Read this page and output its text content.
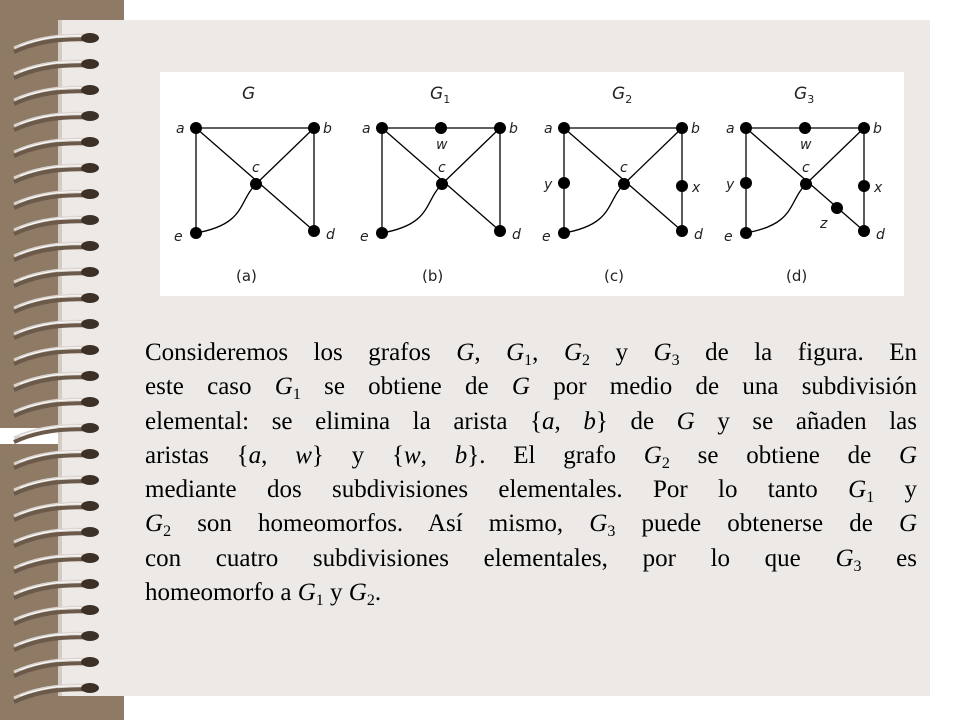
G
a	b
c
d
e
(a)
$G_1$
a
w
b
c
d
e
(b)
$G_2$
a	b
y	x
c
d
e
(c)
$G_3$
a
w
b
y	x
c
z
d
e
(d)
Consideremos los grafos G, $G_1$, $G_2$ y $G_3$ de la figura. En
este caso $G_1$ se obtiene de G por medio de una subdivisión
elemental: se elimina la arista {a, b} de G y se añaden las
aristas {a, w} y {w, b}. El grafo $G_2$ se obtiene de G
mediante dos subdivisiones elementales. Por lo tanto $G_1$ y
$G_2$ son homeomorfos. Así mismo, $G_3$ puede obtenerse de G
con cuatro subdivisiones elementales, por lo que $G_3$ es
homeomorfo a $G_1$ y $G_2$.
